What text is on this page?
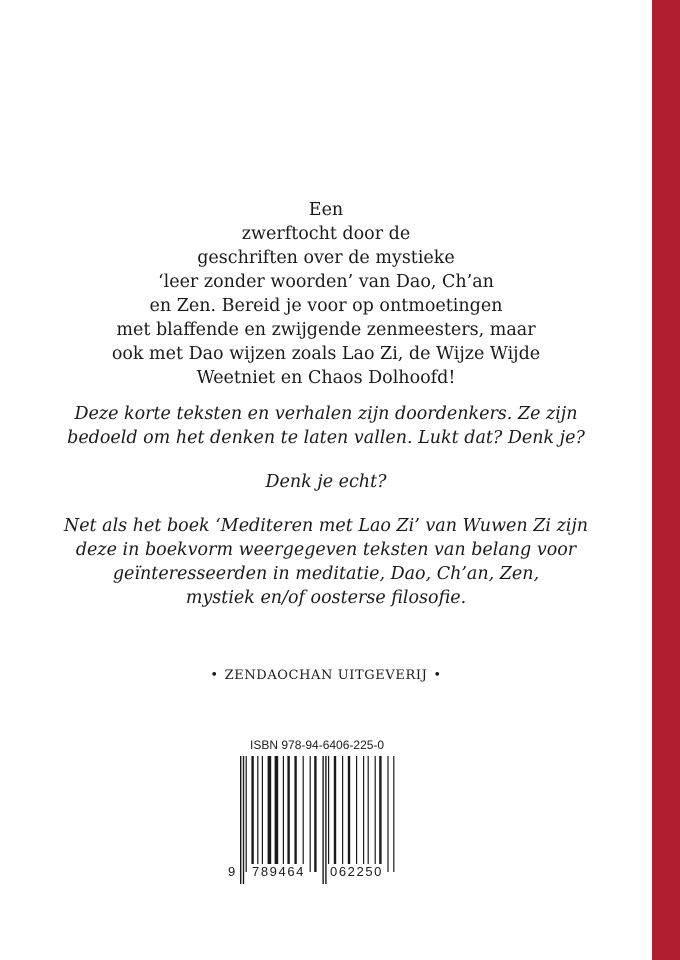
Een
zwerftocht door de
geschriften over de mystieke
‘leer zonder woorden’ van Dao, Ch’an
en Zen. Bereid je voor op ontmoetingen
met blaffende en zwijgende zenmeesters, maar
ook met Dao wijzen zoals Lao Zi, de Wijze Wijde
Weetniet en Chaos Dolhoofd!
Deze korte teksten en verhalen zijn doordenkers. Ze zijn
bedoeld om het denken te laten vallen. Lukt dat? Denk je?
Denk je echt?
Net als het boek ‘Mediteren met Lao Zi’ van Wuwen Zi zijn
deze in boekvorm weergegeven teksten van belang voor
geïnteresseerden in meditatie, Dao, Ch’an, Zen,
mystiek en/of oosterse filosofie.
• ZENDAOCHAN UITGEVERIJ •
ISBN 978-94-6406-225-0
9 789464 062250
